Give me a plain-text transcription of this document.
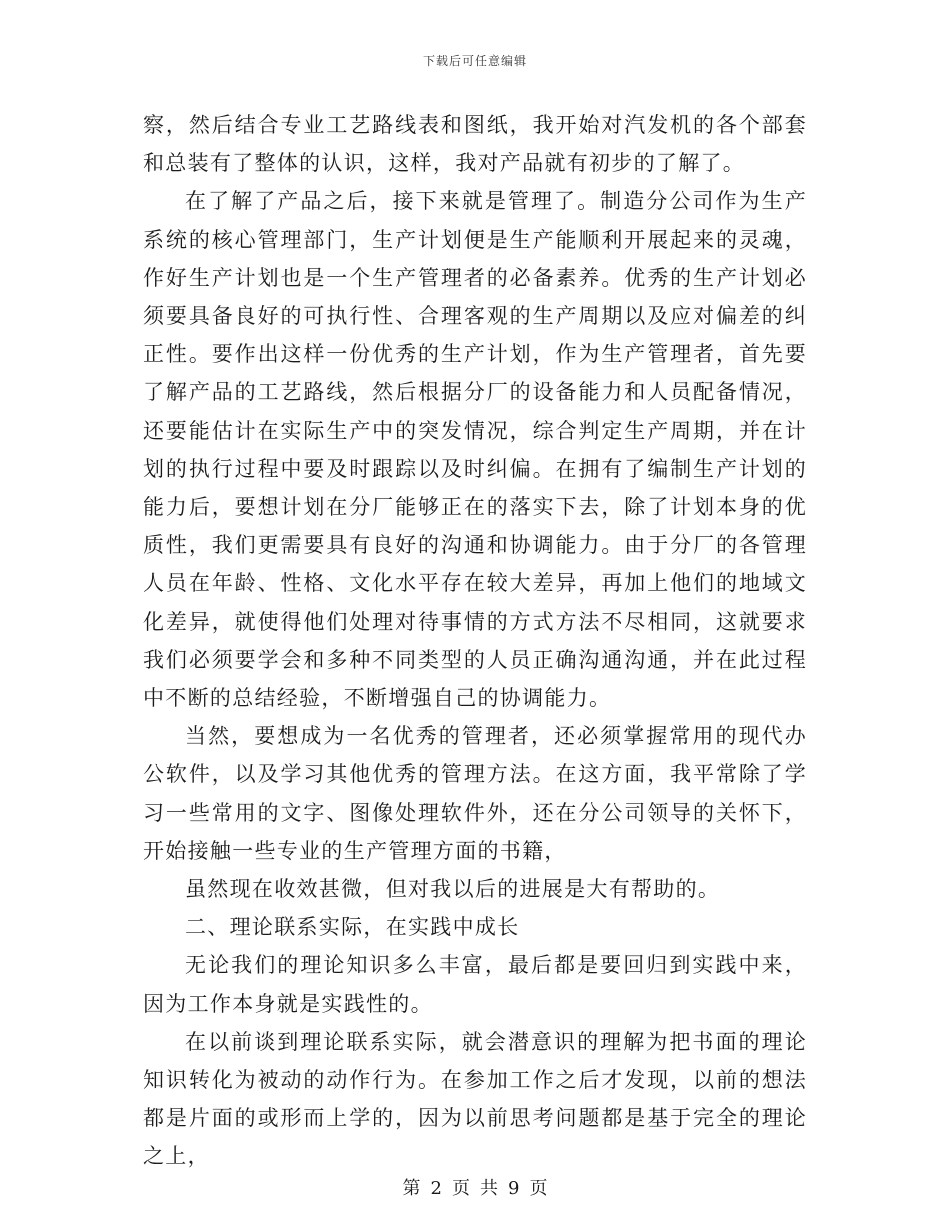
下载后可任意编辑

察，然后结合专业工艺路线表和图纸，我开始对汽发机的各个部套和总装有了整体的认识，这样，我对产品就有初步的了解了。

在了解了产品之后，接下来就是管理了。制造分公司作为生产系统的核心管理部门，生产计划便是生产能顺利开展起来的灵魂，作好生产计划也是一个生产管理者的必备素养。优秀的生产计划必须要具备良好的可执行性、合理客观的生产周期以及应对偏差的纠正性。要作出这样一份优秀的生产计划，作为生产管理者，首先要了解产品的工艺路线，然后根据分厂的设备能力和人员配备情况，还要能估计在实际生产中的突发情况，综合判定生产周期，并在计划的执行过程中要及时跟踪以及时纠偏。在拥有了编制生产计划的能力后，要想计划在分厂能够正在的落实下去，除了计划本身的优质性，我们更需要具有良好的沟通和协调能力。由于分厂的各管理人员在年龄、性格、文化水平存在较大差异，再加上他们的地域文化差异，就使得他们处理对待事情的方式方法不尽相同，这就要求我们必须要学会和多种不同类型的人员正确沟通沟通，并在此过程中不断的总结经验，不断增强自己的协调能力。

当然，要想成为一名优秀的管理者，还必须掌握常用的现代办公软件，以及学习其他优秀的管理方法。在这方面，我平常除了学习一些常用的文字、图像处理软件外，还在分公司领导的关怀下，开始接触一些专业的生产管理方面的书籍，

虽然现在收效甚微，但对我以后的进展是大有帮助的。

二、理论联系实际，在实践中成长

无论我们的理论知识多么丰富，最后都是要回归到实践中来，因为工作本身就是实践性的。

在以前谈到理论联系实际，就会潜意识的理解为把书面的理论知识转化为被动的动作行为。在参加工作之后才发现，以前的想法都是片面的或形而上学的，因为以前思考问题都是基于完全的理论之上，

第 2 页 共 9 页
